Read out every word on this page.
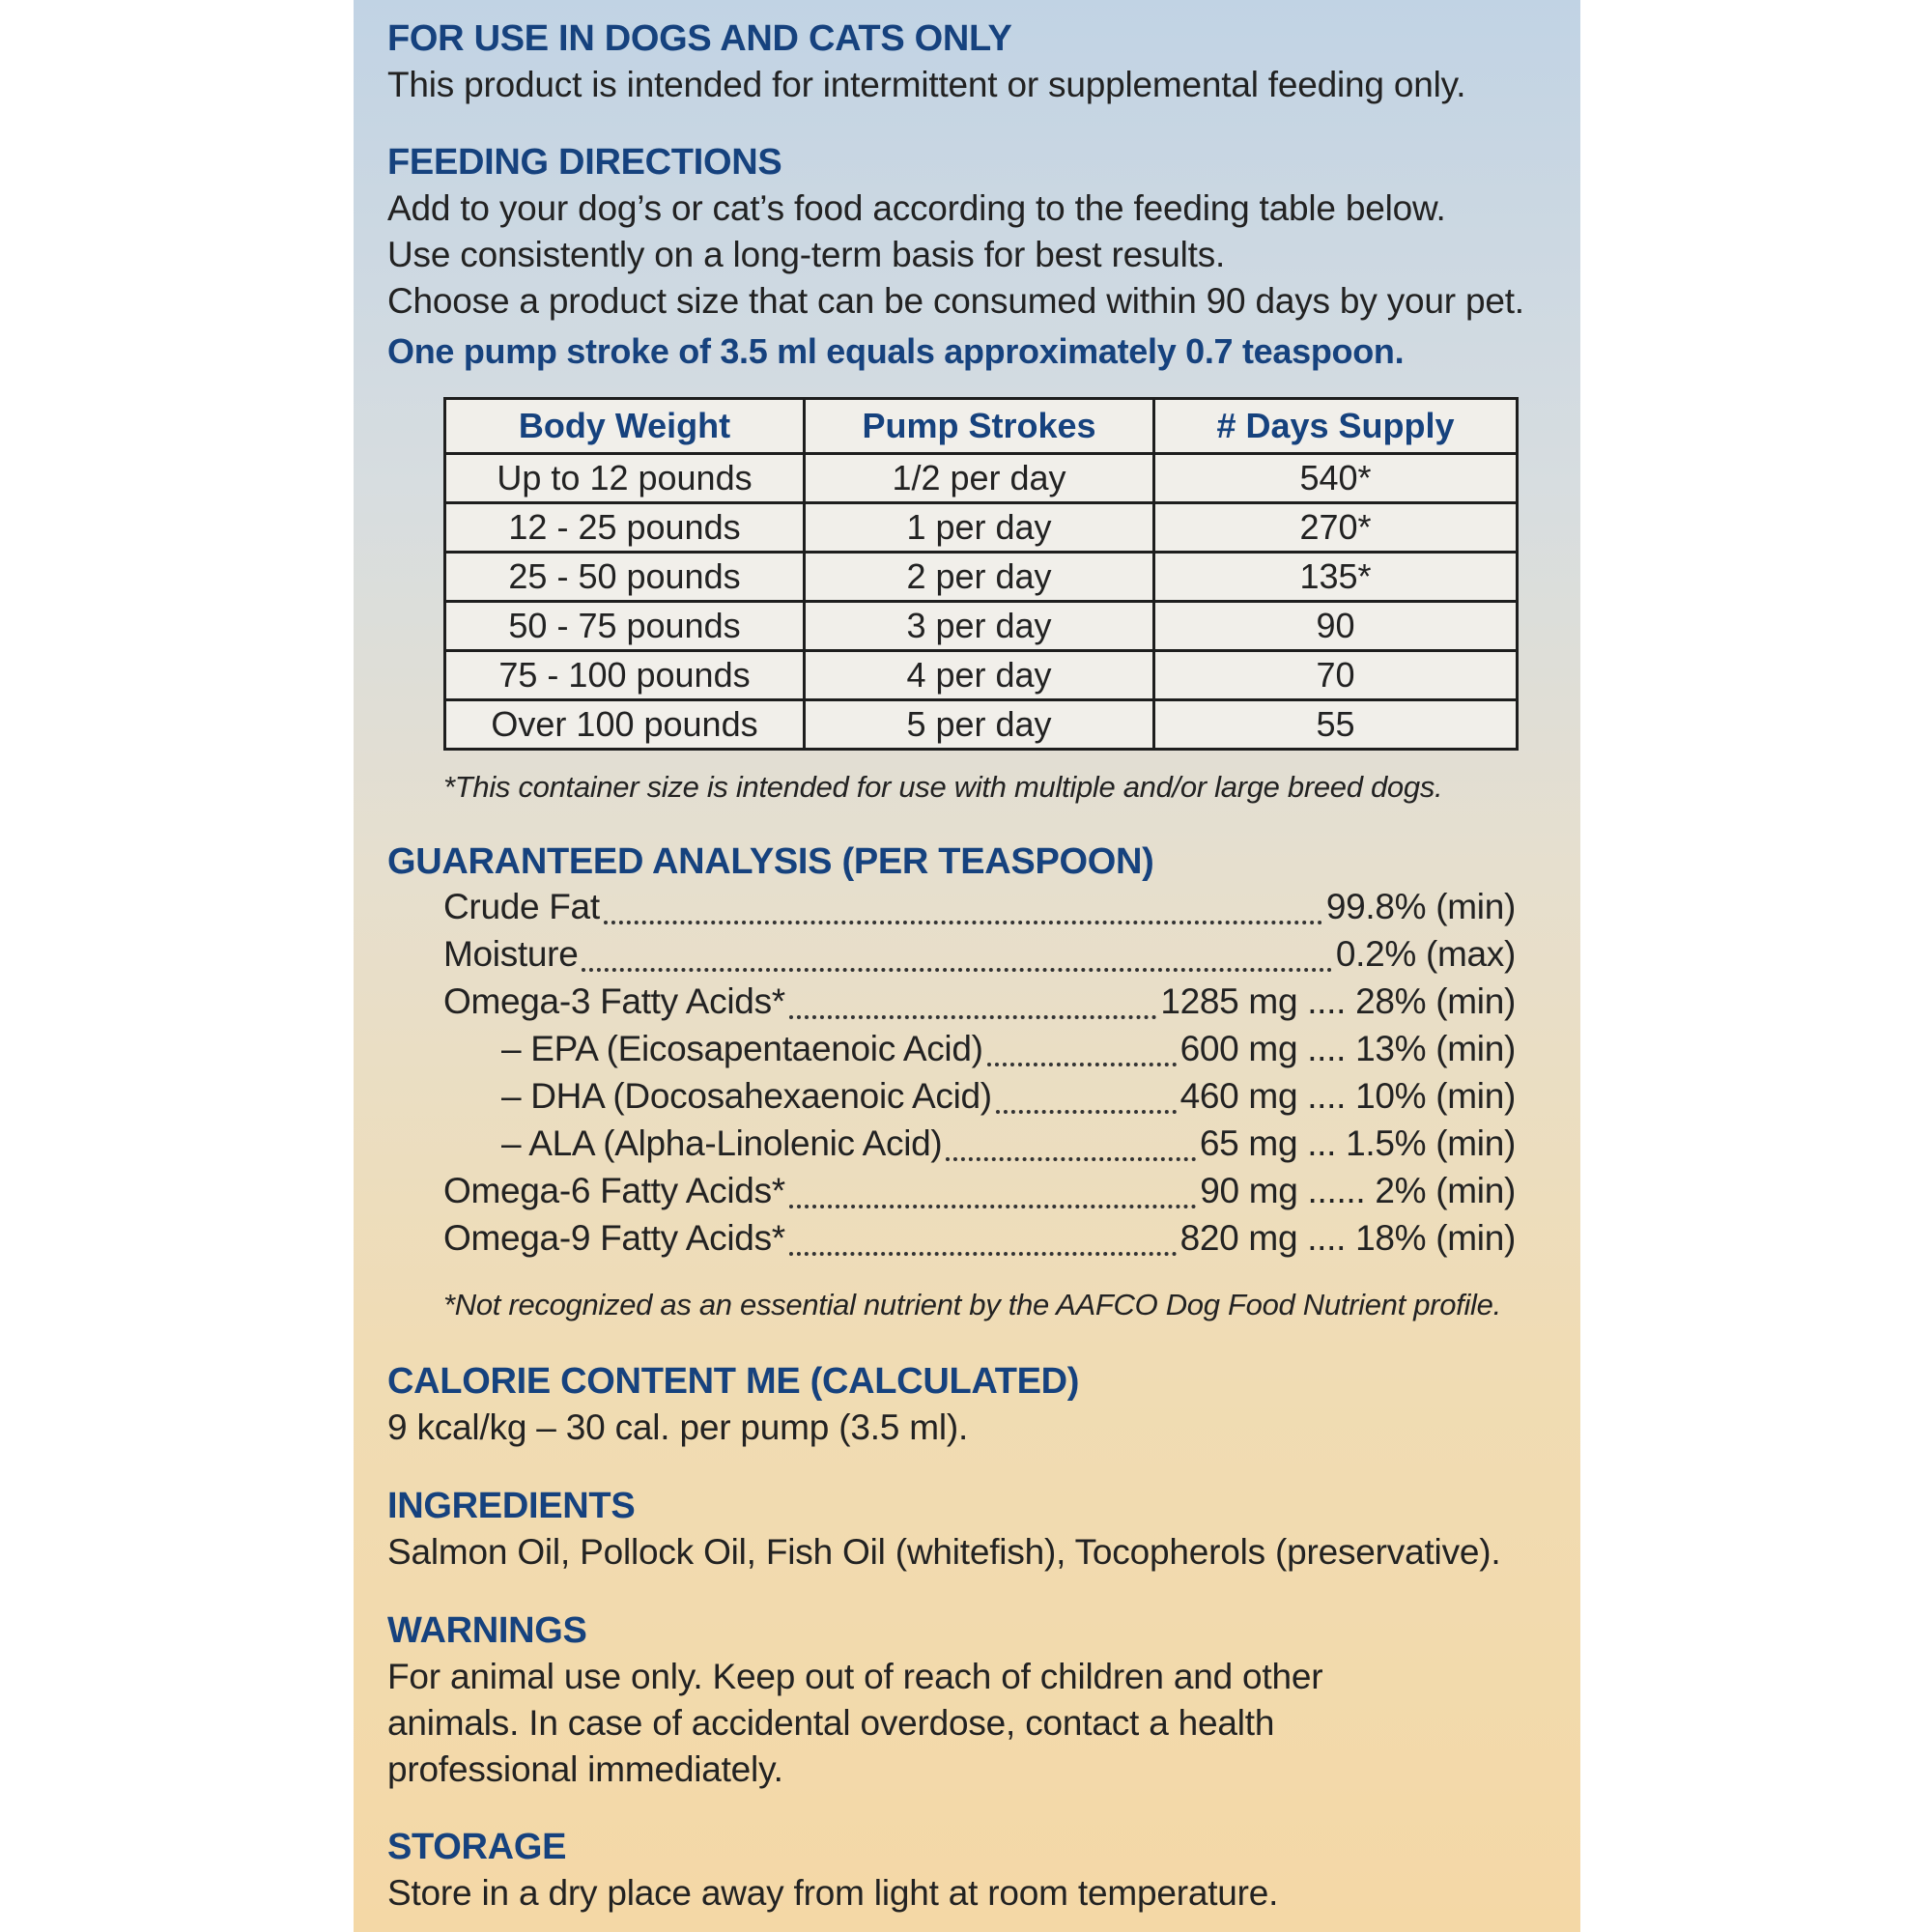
FOR USE IN DOGS AND CATS ONLY
This product is intended for intermittent or supplemental feeding only.
FEEDING DIRECTIONS
Add to your dog’s or cat’s food according to the feeding table below.
Use consistently on a long-term basis for best results.
Choose a product size that can be consumed within 90 days by your pet.
One pump stroke of 3.5 ml equals approximately 0.7 teaspoon.
Body Weight	Pump Strokes	# Days Supply
Up to 12 pounds	1/2 per day	540*
12 - 25 pounds	1 per day	270*
25 - 50 pounds	2 per day	135*
50 - 75 pounds	3 per day	90
75 - 100 pounds	4 per day	70
Over 100 pounds	5 per day	55
*This container size is intended for use with multiple and/or large breed dogs.
GUARANTEED ANALYSIS (PER TEASPOON)
Crude Fat	99.8% (min)
Moisture	0.2% (max)
Omega-3 Fatty Acids*	1285 mg .... 28% (min)
– EPA (Eicosapentaenoic Acid)	600 mg .... 13% (min)
– DHA (Docosahexaenoic Acid)	460 mg .... 10% (min)
– ALA (Alpha-Linolenic Acid)	65 mg ... 1.5% (min)
Omega-6 Fatty Acids*	90 mg ...... 2% (min)
Omega-9 Fatty Acids*	820 mg .... 18% (min)
*Not recognized as an essential nutrient by the AAFCO Dog Food Nutrient profile.
CALORIE CONTENT ME (CALCULATED)
9 kcal/kg – 30 cal. per pump (3.5 ml).
INGREDIENTS
Salmon Oil, Pollock Oil, Fish Oil (whitefish), Tocopherols (preservative).
WARNINGS
For animal use only. Keep out of reach of children and other
animals. In case of accidental overdose, contact a health
professional immediately.
STORAGE
Store in a dry place away from light at room temperature.
